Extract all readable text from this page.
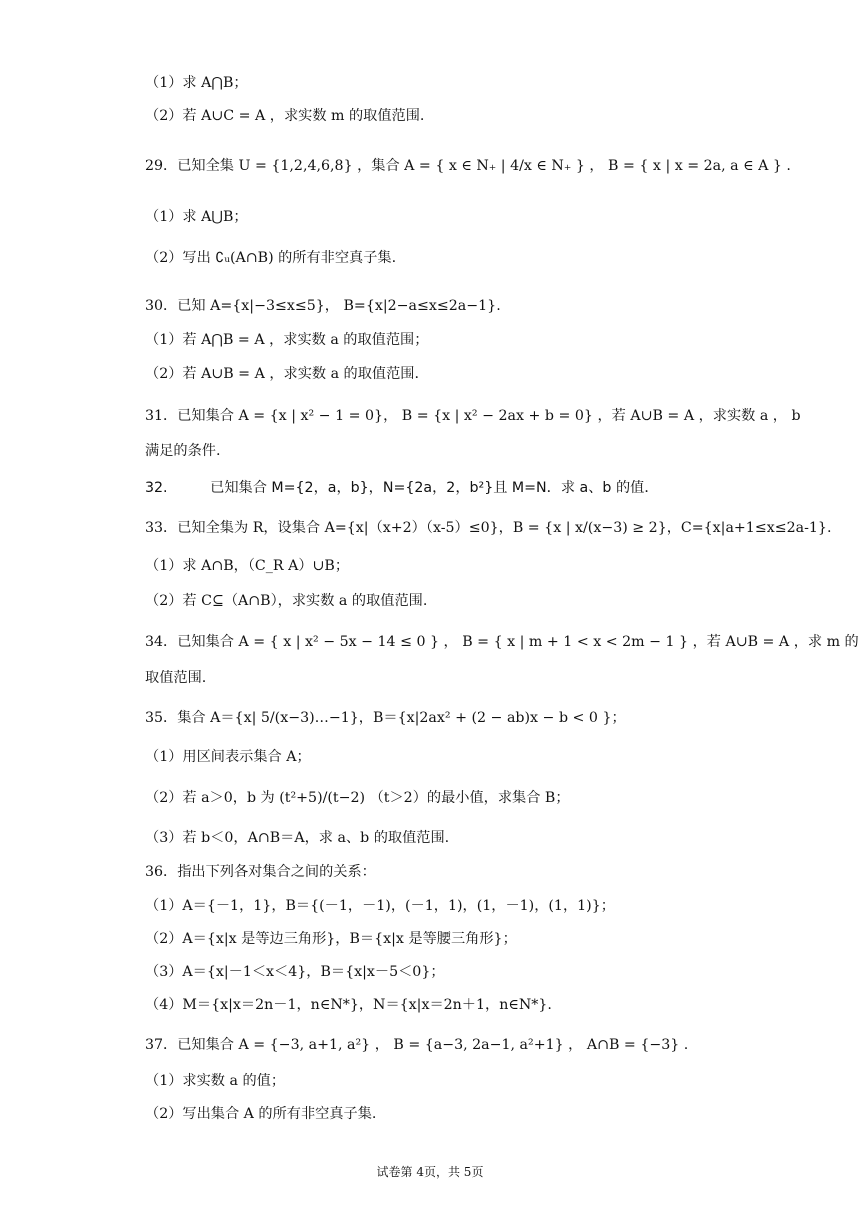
（1）求 A⋂B；
（2）若 A∪C = A ，求实数 m 的取值范围.
29．已知全集 U = {1,2,4,6,8} ，集合 A = { x ∈ N₊ | 4/x ∈ N₊ } ， B = { x | x = 2a, a ∈ A } .
（1）求 A⋃B；
（2）写出 ∁ᵤ(A∩B) 的所有非空真子集.
30．已知 A={x|−3≤x≤5}， B={x|2−a≤x≤2a−1}.
（1）若 A⋂B = A ，求实数 a 的取值范围；
（2）若 A∪B = A ，求实数 a 的取值范围.
31．已知集合 A = {x | x² − 1 = 0}， B = {x | x² − 2ax + b = 0} ，若 A∪B = A ，求实数 a ， b
满足的条件.
32.　　　已知集合 M={2，a，b}，N={2a，2，b²}且 M=N．求 a、b 的值．
33．已知全集为 R，设集合 A={x|（x+2）（x-5）≤0}，B = {x | x/(x−3) ≥ 2}，C={x|a+1≤x≤2a-1}.
（1）求 A∩B，（C_R A）∪B；
（2）若 C⊆（A∩B），求实数 a 的取值范围.
34．已知集合 A = { x | x² − 5x − 14 ≤ 0 } ， B = { x | m + 1 < x < 2m − 1 } ，若 A∪B = A ，求 m 的
取值范围.
35．集合 A＝{x| 5/(x−3)…−1}，B＝{x|2ax² + (2 − ab)x − b < 0 }；
（1）用区间表示集合 A；
（2）若 a＞0，b 为 (t²+5)/(t−2) （t＞2）的最小值，求集合 B；
（3）若 b＜0，A∩B＝A，求 a、b 的取值范围.
36．指出下列各对集合之间的关系：
（1）A＝{－1，1}，B＝{(－1，－1)，(－1，1)，(1，－1)，(1，1)}；
（2）A＝{x|x 是等边三角形}，B＝{x|x 是等腰三角形}；
（3）A＝{x|－1＜x＜4}，B＝{x|x－5＜0}；
（4）M＝{x|x＝2n－1，n∈N*}，N＝{x|x＝2n＋1，n∈N*}.
37．已知集合 A = {−3, a+1, a²} ， B = {a−3, 2a−1, a²+1} ， A∩B = {−3} .
（1）求实数 a 的值；
（2）写出集合 A 的所有非空真子集.
试卷第 4页，共 5页
